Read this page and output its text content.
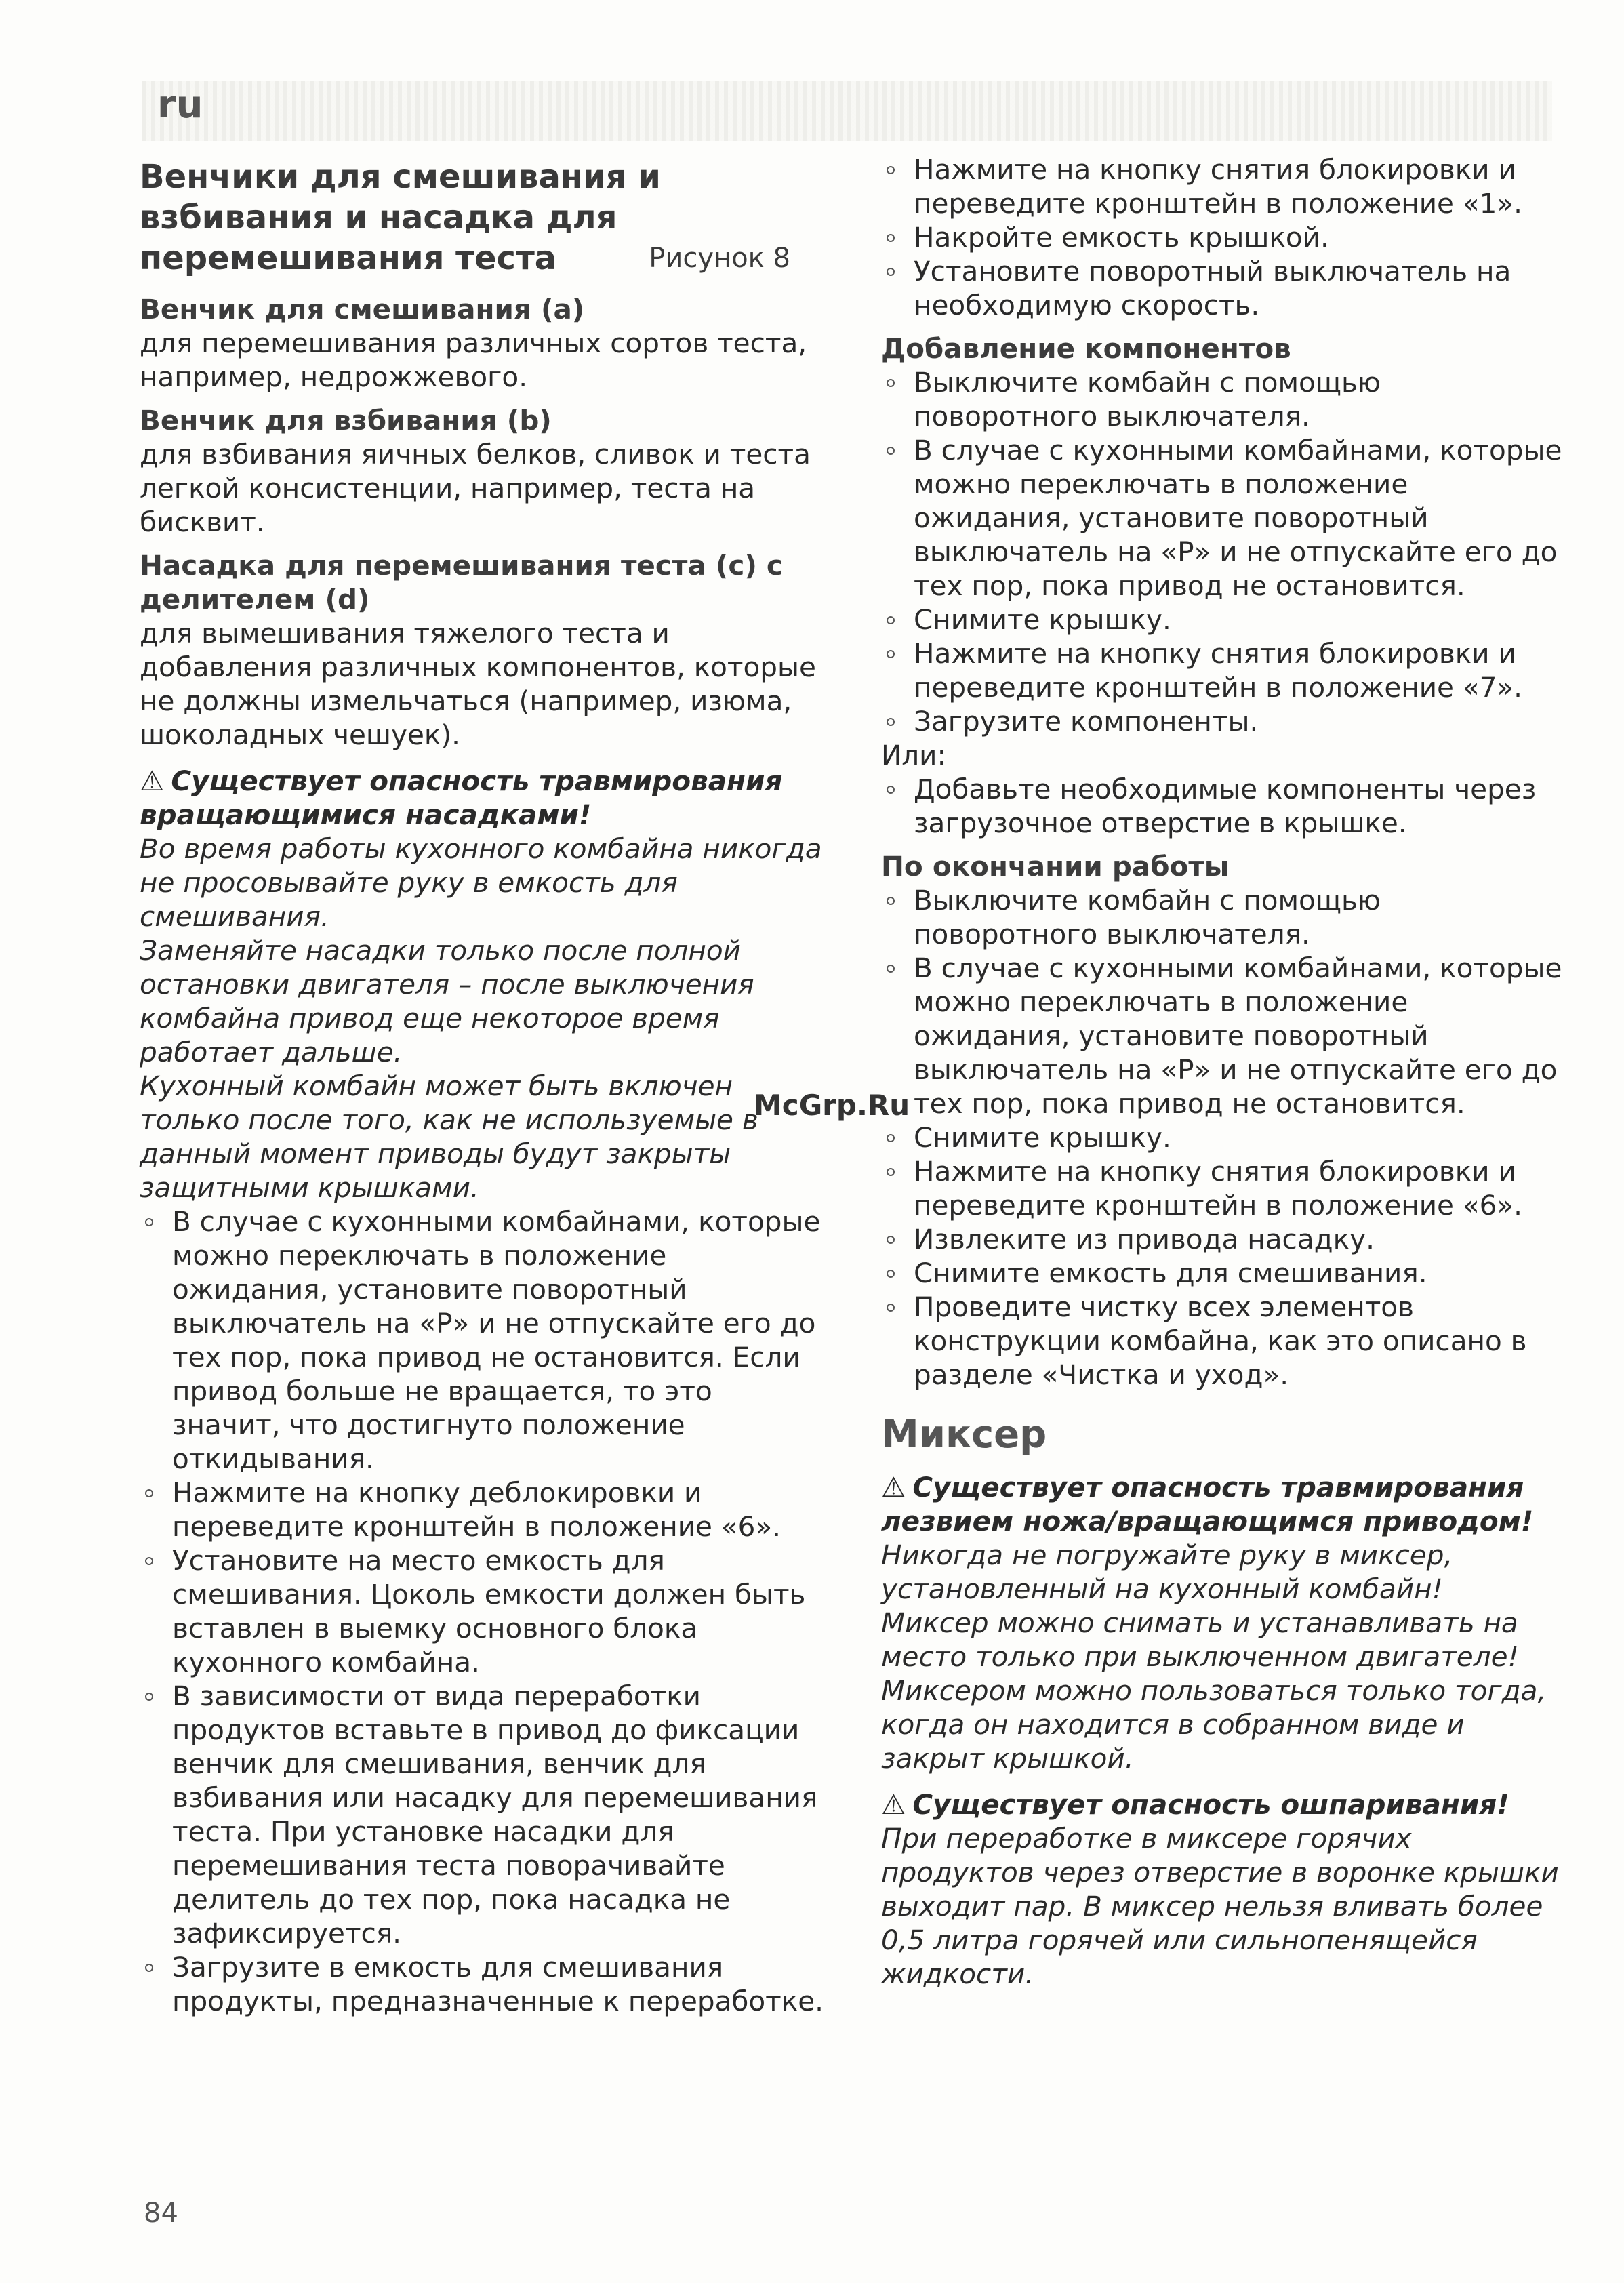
ru
Венчики для смешивания и взбивания и насадка для перемешивания теста	Рисунок 8
Венчик для смешивания (а)

для перемешивания различных сортов теста, например, недрожжевого.

Венчик для взбивания (b)

для взбивания яичных белков, сливок и теста легкой консистенции, например, теста на бисквит.

Насадка для перемешивания теста (с) с делителем (d)

для вымешивания тяжелого теста и добавления различных компонентов, которые не должны измельчаться (например, изюма, шоколадных чешуек).

⚠ Существует опасность травмирования вращающимися насадками!

Во время работы кухонного комбайна никогда не просовывайте руку в емкость для смешивания.

Заменяйте насадки только после полной остановки двигателя – после выключения комбайна привод еще некоторое время работает дальше.

Кухонный комбайн может быть включен только после того, как не используемые в данный момент приводы будут закрыты защитными крышками.

В случае с кухонными комбайнами, которые можно переключать в положение ожидания, установите поворотный выключатель на «Р» и не отпускайте его до тех пор, пока привод не остановится. Если привод больше не вращается, то это значит, что достигнуто положение откидывания.
Нажмите на кнопку деблокировки и переведите кронштейн в положение «6».
Установите на место емкость для смешивания. Цоколь емкости должен быть вставлен в выемку основного блока кухонного комбайна.
В зависимости от вида переработки продуктов вставьте в привод до фиксации венчик для смешивания, венчик для взбивания или насадку для перемешивания теста. При установке насадки для перемешивания теста поворачивайте делитель до тех пор, пока насадка не зафиксируется.
Загрузите в емкость для смешивания продукты, предназначенные к переработке.
Нажмите на кнопку снятия блокировки и переведите кронштейн в положение «1».
Накройте емкость крышкой.
Установите поворотный выключатель на необходимую скорость.
Добавление компонентов
Выключите комбайн с помощью поворотного выключателя.
В случае с кухонными комбайнами, которые можно переключать в положение ожидания, установите поворотный выключатель на «Р» и не отпускайте его до тех пор, пока привод не остановится.
Снимите крышку.
Нажмите на кнопку снятия блокировки и переведите кронштейн в положение «7».
Загрузите компоненты.

Или:

Добавьте необходимые компоненты через загрузочное отверстие в крышке.
По окончании работы
Выключите комбайн с помощью поворотного выключателя.
В случае с кухонными комбайнами, которые можно переключать в положение ожидания, установите поворотный выключатель на «Р» и не отпускайте его до тех пор, пока привод не остановится.
Снимите крышку.
Нажмите на кнопку снятия блокировки и переведите кронштейн в положение «6».
Извлеките из привода насадку.
Снимите емкость для смешивания.
Проведите чистку всех элементов конструкции комбайна, как это описано в разделе «Чистка и уход».
Миксер
⚠ Существует опасность травмирования лезвием ножа/вращающимся приводом!

Никогда не погружайте руку в миксер, установленный на кухонный комбайн!

Миксер можно снимать и устанавливать на место только при выключенном двигателе!

Миксером можно пользоваться только тогда, когда он находится в собранном виде и закрыт крышкой.

⚠ Существует опасность ошпаривания!

При переработке в миксере горячих продуктов через отверстие в воронке крышки выходит пар. В миксер нельзя вливать более 0,5 литра горячей или сильнопенящейся жидкости.

McGrp.Ru
84
